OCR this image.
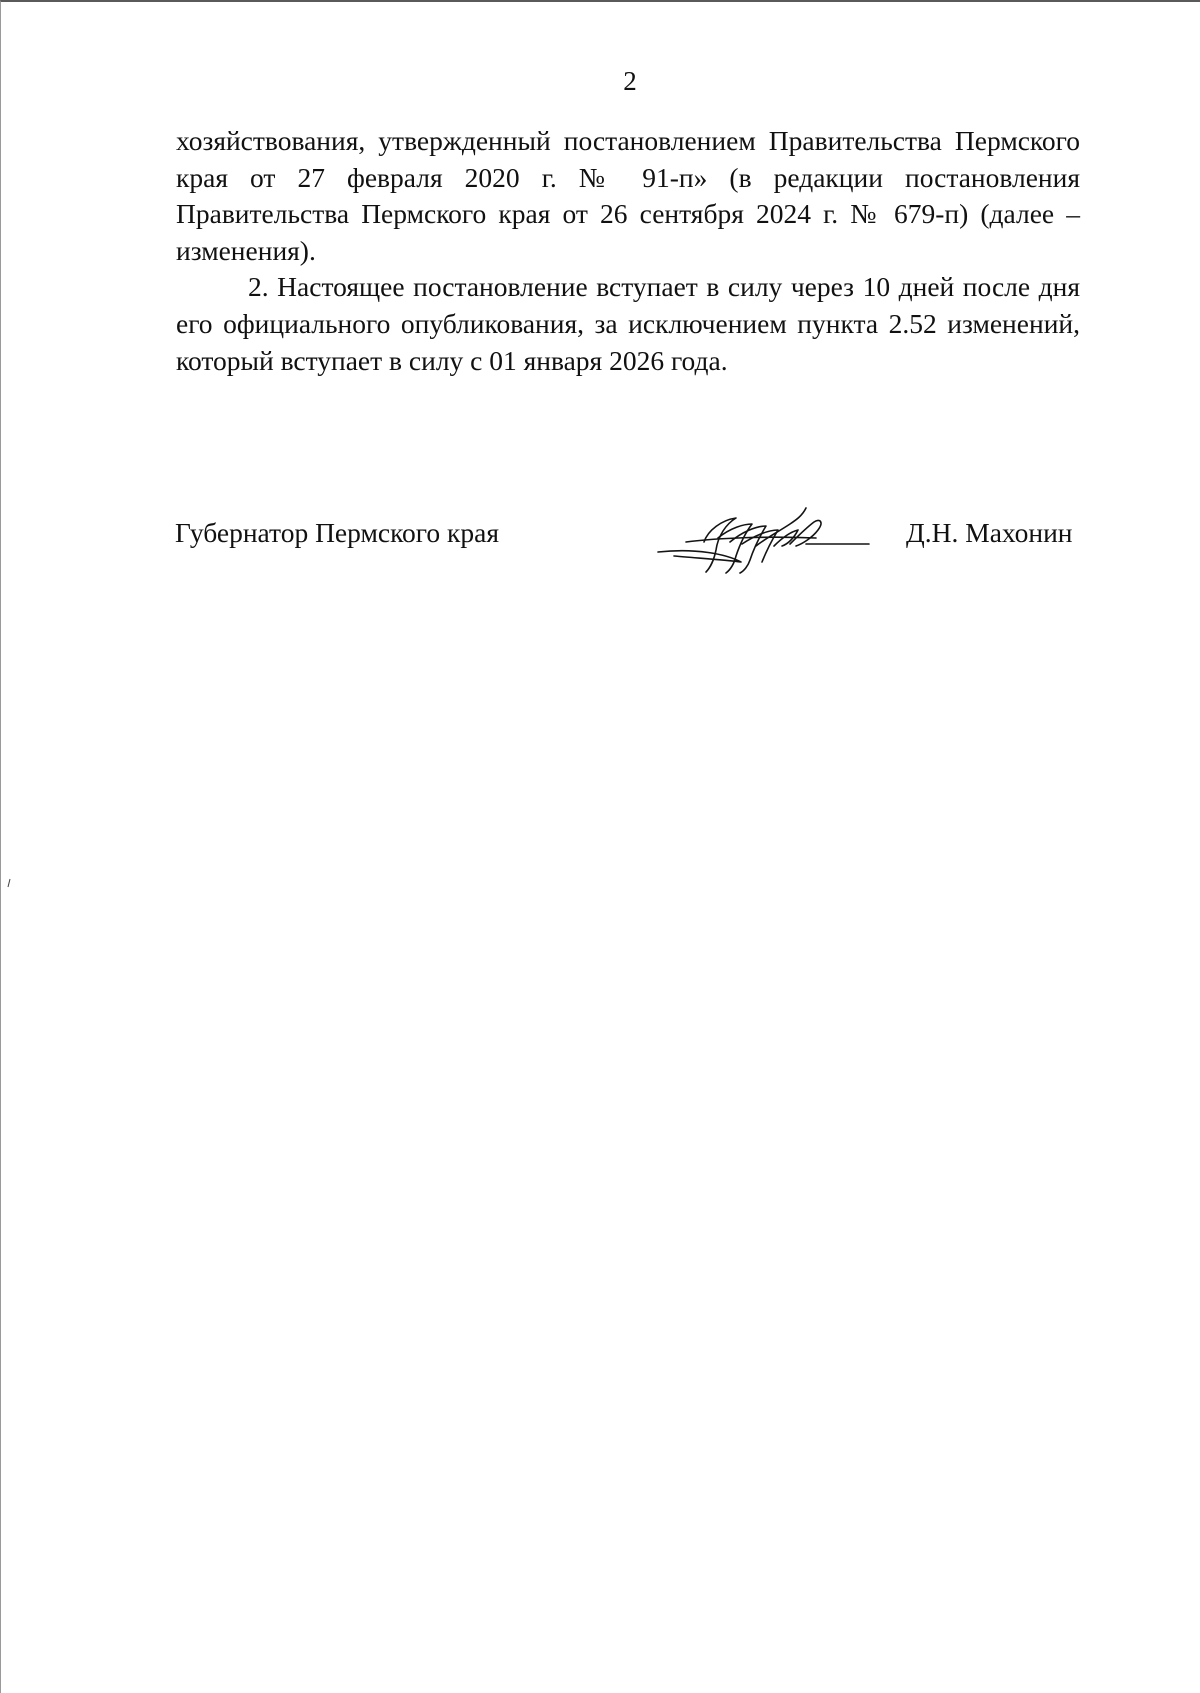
2

хозяйствования, утвержденный постановлением Правительства Пермского края от 27 февраля 2020 г. № 91-п» (в редакции постановления Правительства Пермского края от 26 сентября 2024 г. № 679-п) (далее – изменения).

2. Настоящее постановление вступает в силу через 10 дней после дня его официального опубликования, за исключением пункта 2.52 изменений, который вступает в силу с 01 января 2026 года.

Губернатор Пермского края	Д.Н. Махонин
